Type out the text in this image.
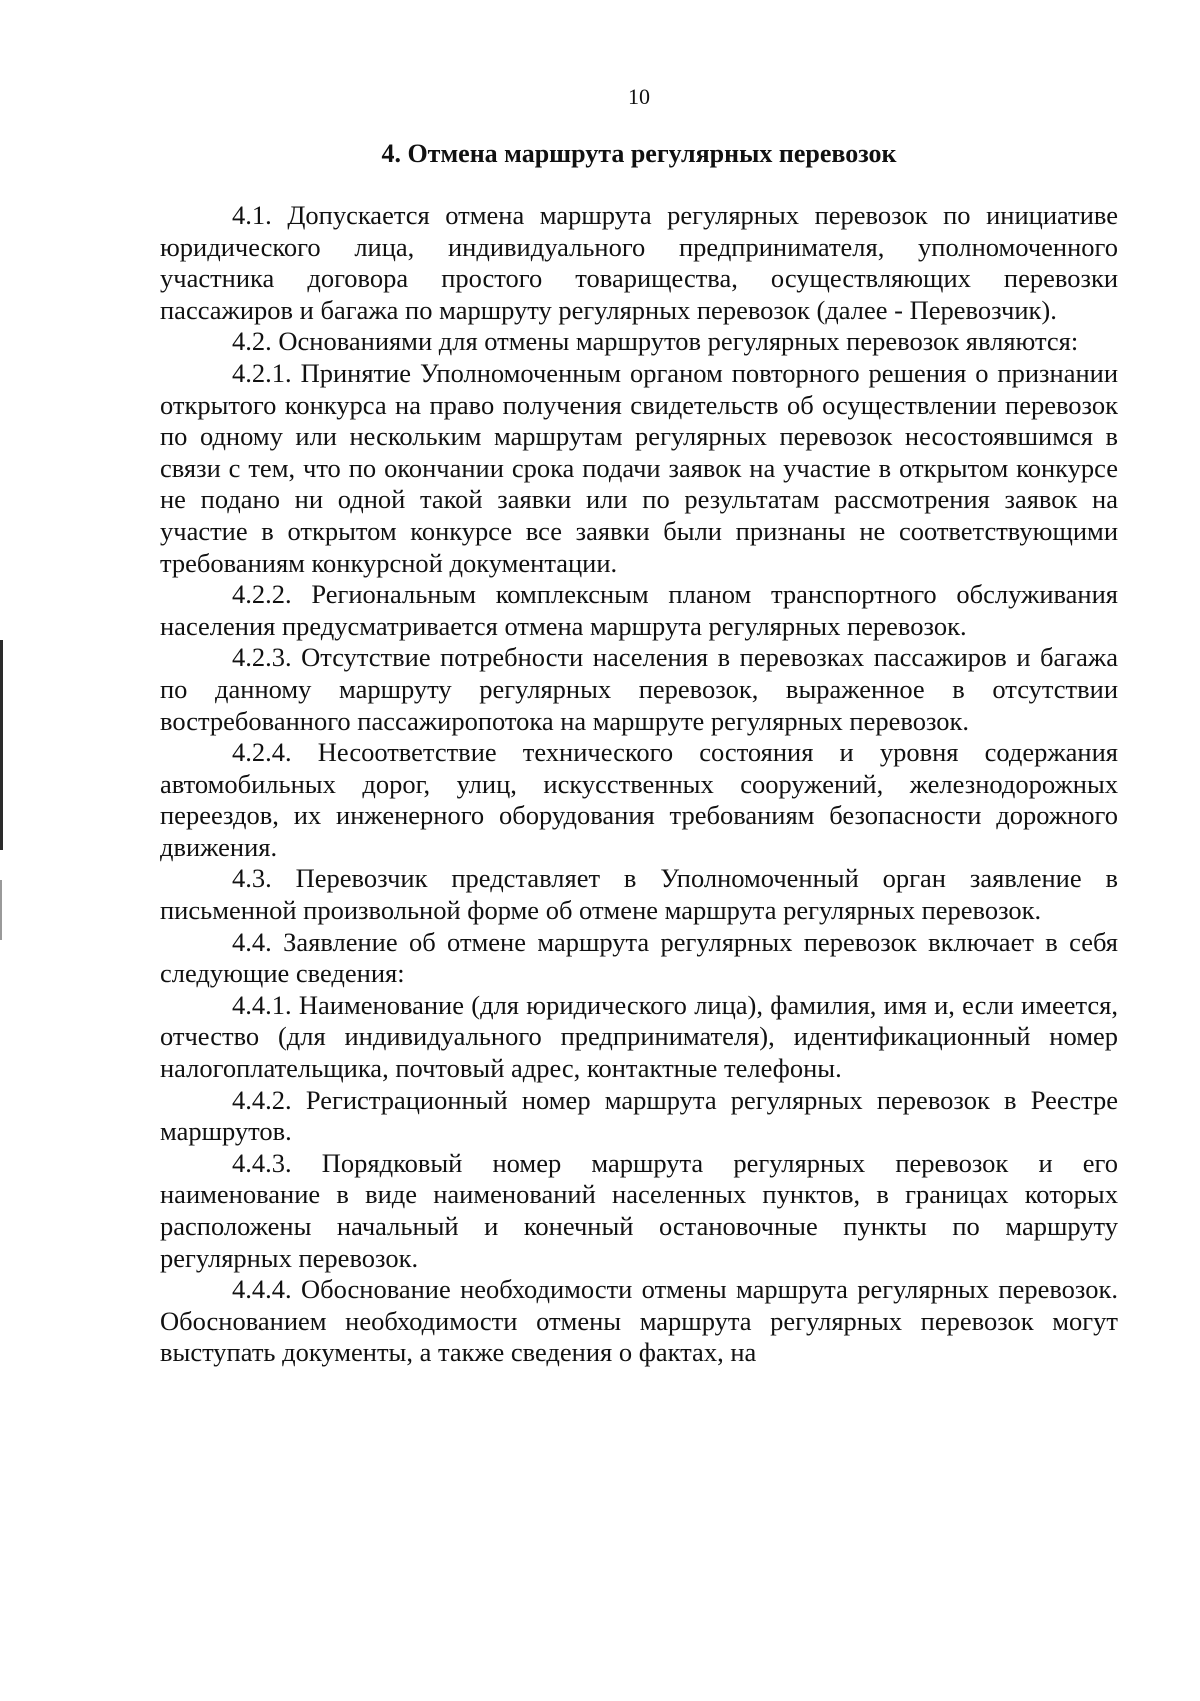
10
4. Отмена маршрута регулярных перевозок

4.1. Допускается отмена маршрута регулярных перевозок по инициативе юридического лица, индивидуального предпринимателя, уполномоченного участника договора простого товарищества, осуществляющих перевозки пассажиров и багажа по маршруту регулярных перевозок (далее - Перевозчик).

4.2. Основаниями для отмены маршрутов регулярных перевозок являются:

4.2.1. Принятие Уполномоченным органом повторного решения о признании открытого конкурса на право получения свидетельств об осуществлении перевозок по одному или нескольким маршрутам регулярных перевозок несостоявшимся в связи с тем, что по окончании срока подачи заявок на участие в открытом конкурсе не подано ни одной такой заявки или по результатам рассмотрения заявок на участие в открытом конкурсе все заявки были признаны не соответствующими требованиям конкурсной документации.

4.2.2. Региональным комплексным планом транспортного обслуживания населения предусматривается отмена маршрута регулярных перевозок.

4.2.3. Отсутствие потребности населения в перевозках пассажиров и багажа по данному маршруту регулярных перевозок, выраженное в отсутствии востребованного пассажиропотока на маршруте регулярных перевозок.

4.2.4. Несоответствие технического состояния и уровня содержания автомобильных дорог, улиц, искусственных сооружений, железнодорожных переездов, их инженерного оборудования требованиям безопасности дорожного движения.

4.3. Перевозчик представляет в Уполномоченный орган заявление в письменной произвольной форме об отмене маршрута регулярных перевозок.

4.4. Заявление об отмене маршрута регулярных перевозок включает в себя следующие сведения:

4.4.1. Наименование (для юридического лица), фамилия, имя и, если имеется, отчество (для индивидуального предпринимателя), идентификационный номер налогоплательщика, почтовый адрес, контактные телефоны.

4.4.2. Регистрационный номер маршрута регулярных перевозок в Реестре маршрутов.

4.4.3. Порядковый номер маршрута регулярных перевозок и его наименование в виде наименований населенных пунктов, в границах которых расположены начальный и конечный остановочные пункты по маршруту регулярных перевозок.

4.4.4. Обоснование необходимости отмены маршрута регулярных перевозок. Обоснованием необходимости отмены маршрута регулярных перевозок могут выступать документы, а также сведения о фактах, на
